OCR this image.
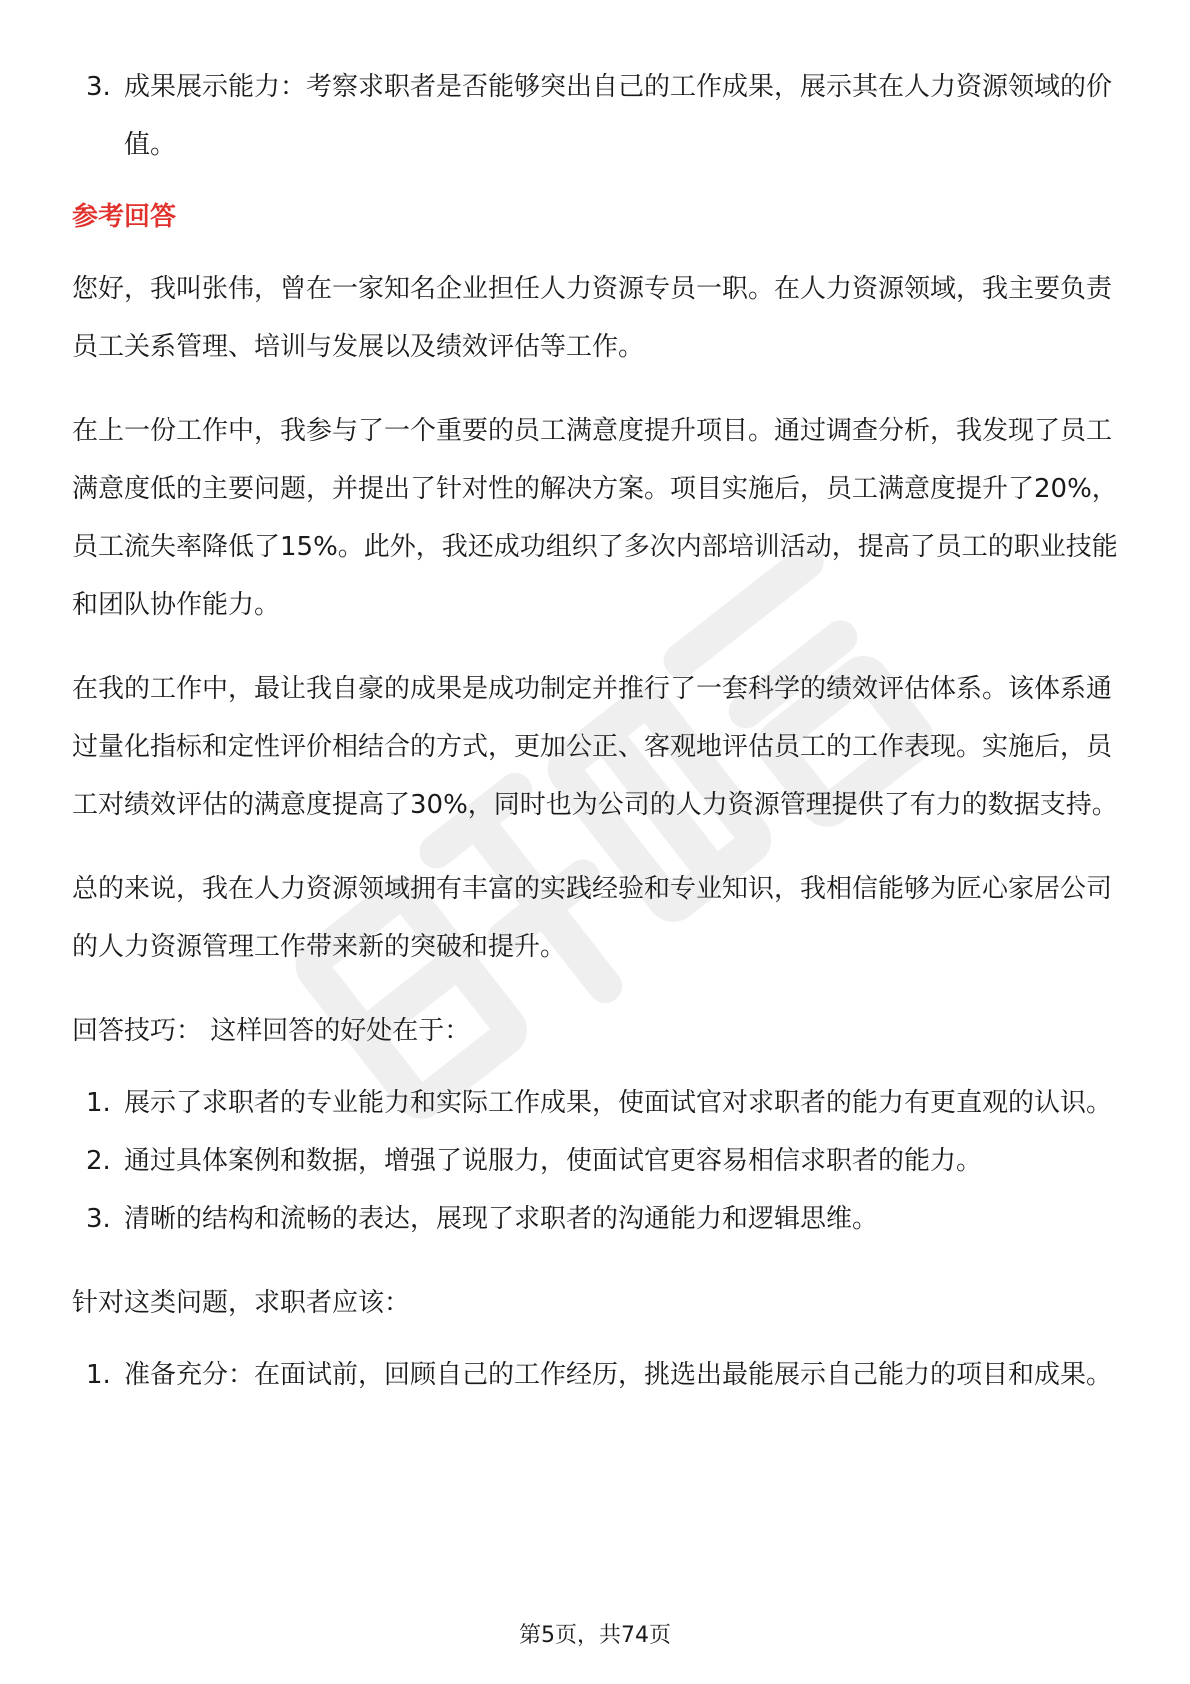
3. 成果展示能力：考察求职者是否能够突出自己的工作成果，展示其在人力资源领域的价值。
参考回答

您好，我叫张伟，曾在一家知名企业担任人力资源专员一职。在人力资源领域，我主要负责员工关系管理、培训与发展以及绩效评估等工作。

在上一份工作中，我参与了一个重要的员工满意度提升项目。通过调查分析，我发现了员工满意度低的主要问题，并提出了针对性的解决方案。项目实施后，员工满意度提升了20%，员工流失率降低了15%。此外，我还成功组织了多次内部培训活动，提高了员工的职业技能和团队协作能力。

在我的工作中，最让我自豪的成果是成功制定并推行了一套科学的绩效评估体系。该体系通过量化指标和定性评价相结合的方式，更加公正、客观地评估员工的工作表现。实施后，员工对绩效评估的满意度提高了30%，同时也为公司的人力资源管理提供了有力的数据支持。

总的来说，我在人力资源领域拥有丰富的实践经验和专业知识，我相信能够为匠心家居公司的人力资源管理工作带来新的突破和提升。

回答技巧： 这样回答的好处在于：

1. 展示了求职者的专业能力和实际工作成果，使面试官对求职者的能力有更直观的认识。
2. 通过具体案例和数据，增强了说服力，使面试官更容易相信求职者的能力。
3. 清晰的结构和流畅的表达，展现了求职者的沟通能力和逻辑思维。

针对这类问题，求职者应该：

1. 准备充分：在面试前，回顾自己的工作经历，挑选出最能展示自己能力的项目和成果。
第5页，共74页
